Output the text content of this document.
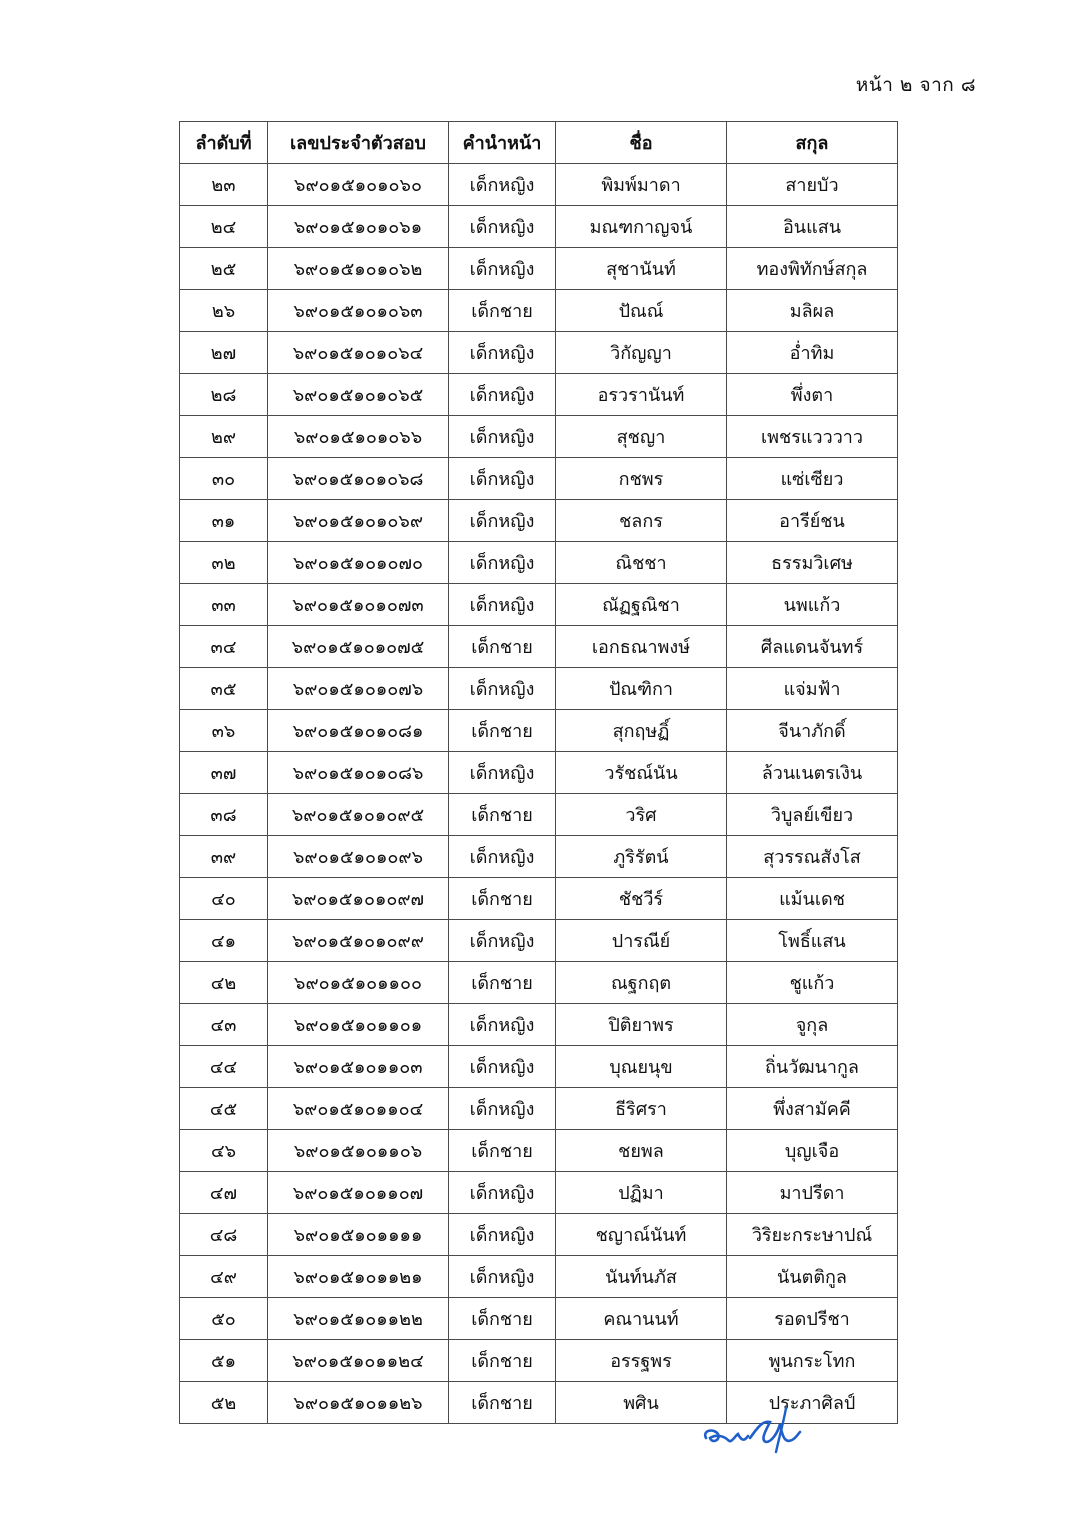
หน้า ๒ จาก ๘
ลำดับที่	เลขประจำตัวสอบ	คำนำหน้า	ชื่อ	สกุล
๒๓	๖๙๐๑๕๑๐๑๐๖๐	เด็กหญิง	พิมพ์มาดา	สายบัว
๒๔	๖๙๐๑๕๑๐๑๐๖๑	เด็กหญิง	มณฑกาญจน์	อินแสน
๒๕	๖๙๐๑๕๑๐๑๐๖๒	เด็กหญิง	สุชานันท์	ทองพิทักษ์สกุล
๒๖	๖๙๐๑๕๑๐๑๐๖๓	เด็กชาย	ปัณณ์	มลิผล
๒๗	๖๙๐๑๕๑๐๑๐๖๔	เด็กหญิง	วิกัญญา	อ่ำทิม
๒๘	๖๙๐๑๕๑๐๑๐๖๕	เด็กหญิง	อรวรานันท์	พึ่งตา
๒๙	๖๙๐๑๕๑๐๑๐๖๖	เด็กหญิง	สุชญา	เพชรแวววาว
๓๐	๖๙๐๑๕๑๐๑๐๖๘	เด็กหญิง	กชพร	แซ่เซียว
๓๑	๖๙๐๑๕๑๐๑๐๖๙	เด็กหญิง	ชลกร	อารีย์ชน
๓๒	๖๙๐๑๕๑๐๑๐๗๐	เด็กหญิง	ณิชชา	ธรรมวิเศษ
๓๓	๖๙๐๑๕๑๐๑๐๗๓	เด็กหญิง	ณัฏฐณิชา	นพแก้ว
๓๔	๖๙๐๑๕๑๐๑๐๗๕	เด็กชาย	เอกธณาพงษ์	ศีลแดนจันทร์
๓๕	๖๙๐๑๕๑๐๑๐๗๖	เด็กหญิง	ปัณฑิกา	แจ่มฟ้า
๓๖	๖๙๐๑๕๑๐๑๐๘๑	เด็กชาย	สุกฤษฏิ์	จีนาภักดิ์
๓๗	๖๙๐๑๕๑๐๑๐๘๖	เด็กหญิง	วรัชณ์นัน	ล้วนเนตรเงิน
๓๘	๖๙๐๑๕๑๐๑๐๙๕	เด็กชาย	วริศ	วิบูลย์เขียว
๓๙	๖๙๐๑๕๑๐๑๐๙๖	เด็กหญิง	ภูริรัตน์	สุวรรณสังโส
๔๐	๖๙๐๑๕๑๐๑๐๙๗	เด็กชาย	ชัชวีร์	แม้นเดช
๔๑	๖๙๐๑๕๑๐๑๐๙๙	เด็กหญิง	ปารณีย์	โพธิ์แสน
๔๒	๖๙๐๑๕๑๐๑๑๐๐	เด็กชาย	ณฐกฤต	ชูแก้ว
๔๓	๖๙๐๑๕๑๐๑๑๐๑	เด็กหญิง	ปิติยาพร	จูกุล
๔๔	๖๙๐๑๕๑๐๑๑๐๓	เด็กหญิง	บุณยนุข	ถิ่นวัฒนากูล
๔๕	๖๙๐๑๕๑๐๑๑๐๔	เด็กหญิง	ธีริศรา	พึ่งสามัคคี
๔๖	๖๙๐๑๕๑๐๑๑๐๖	เด็กชาย	ชยพล	บุญเจือ
๔๗	๖๙๐๑๕๑๐๑๑๐๗	เด็กหญิง	ปฏิมา	มาปรีดา
๔๘	๖๙๐๑๕๑๐๑๑๑๑	เด็กหญิง	ชญาณ์นันท์	วิริยะกระษาปณ์
๔๙	๖๙๐๑๕๑๐๑๑๒๑	เด็กหญิง	นันท์นภัส	นันตติกูล
๕๐	๖๙๐๑๕๑๐๑๑๒๒	เด็กชาย	คณานนท์	รอดปรีชา
๕๑	๖๙๐๑๕๑๐๑๑๒๔	เด็กชาย	อรรฐพร	พูนกระโทก
๕๒	๖๙๐๑๕๑๐๑๑๒๖	เด็กชาย	พศิน	ประภาศิลป์
